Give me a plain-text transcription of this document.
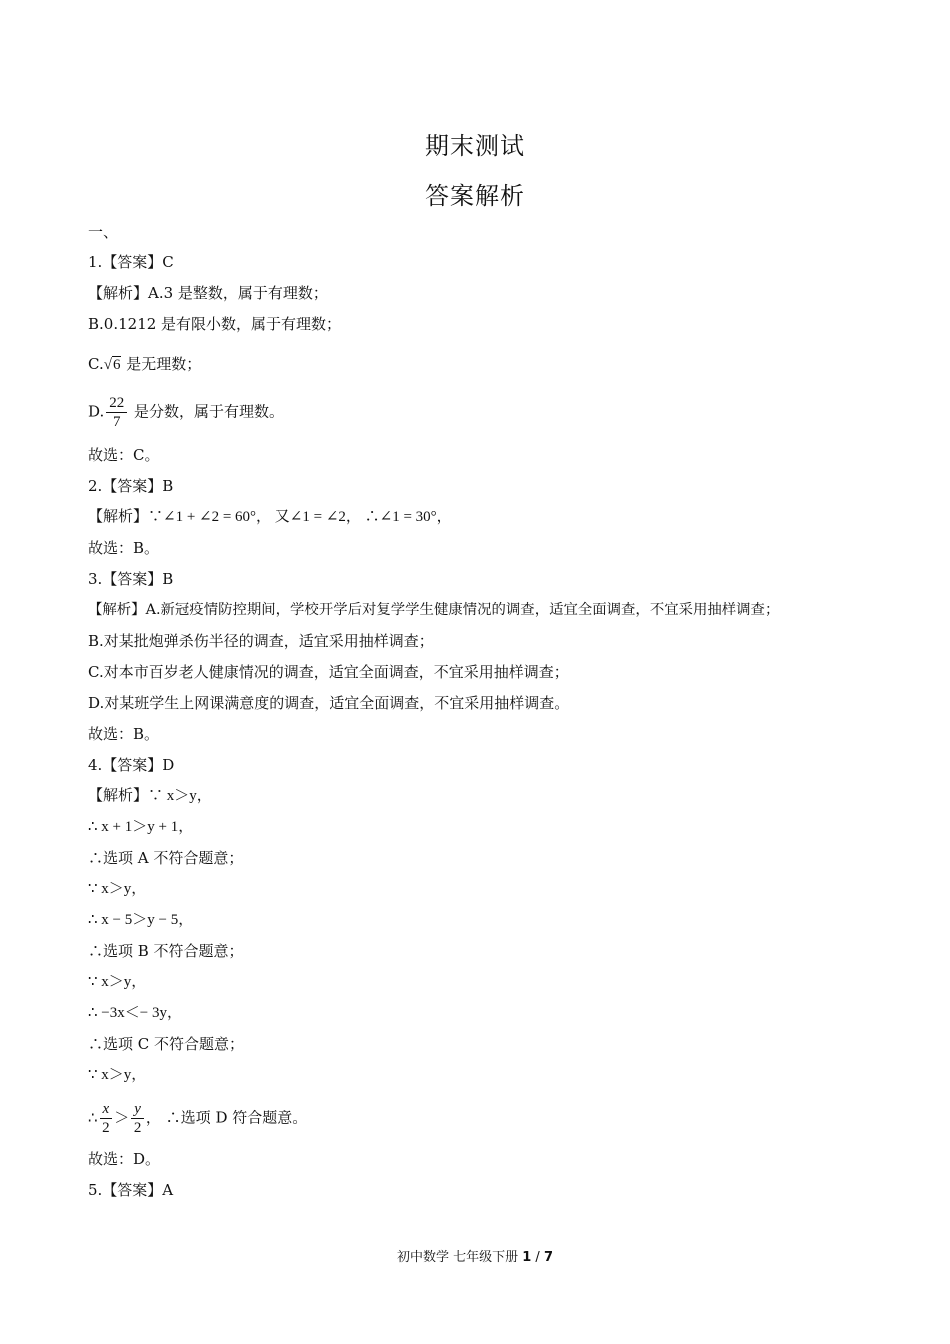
期末测试
答案解析
一、
1.【答案】C
【解析】A.3 是整数，属于有理数；
B.0.1212 是有限小数，属于有理数；
C.√6 是无理数；
D. $\frac{22}{7}$ 是分数，属于有理数。
故选：C。
2.【答案】B
【解析】∵∠1 + ∠2 = 60°， 又∠1 = ∠2， ∴∠1 = 30°，
故选：B。
3.【答案】B
【解析】A.新冠疫情防控期间，学校开学后对复学学生健康情况的调查，适宜全面调查，不宜采用抽样调查；
B.对某批炮弹杀伤半径的调查，适宜采用抽样调查；
C.对本市百岁老人健康情况的调查，适宜全面调查，不宜采用抽样调查；
D.对某班学生上网课满意度的调查，适宜全面调查，不宜采用抽样调查。
故选：B。
4.【答案】D
【解析】∵ x＞y，
∴ x + 1＞y + 1，
∴选项 A 不符合题意；
∵ x＞y，
∴ x − 5＞y − 5，
∴选项 B 不符合题意；
∵ x＞y，
∴ −3x＜− 3y，
∴选项 C 不符合题意；
∵ x＞y，
∴ $\frac{x}{2} > \frac{y}{2}$ ， ∴选项 D 符合题意。
故选：D。
5.【答案】A
初中数学 七年级下册 1 / 7
